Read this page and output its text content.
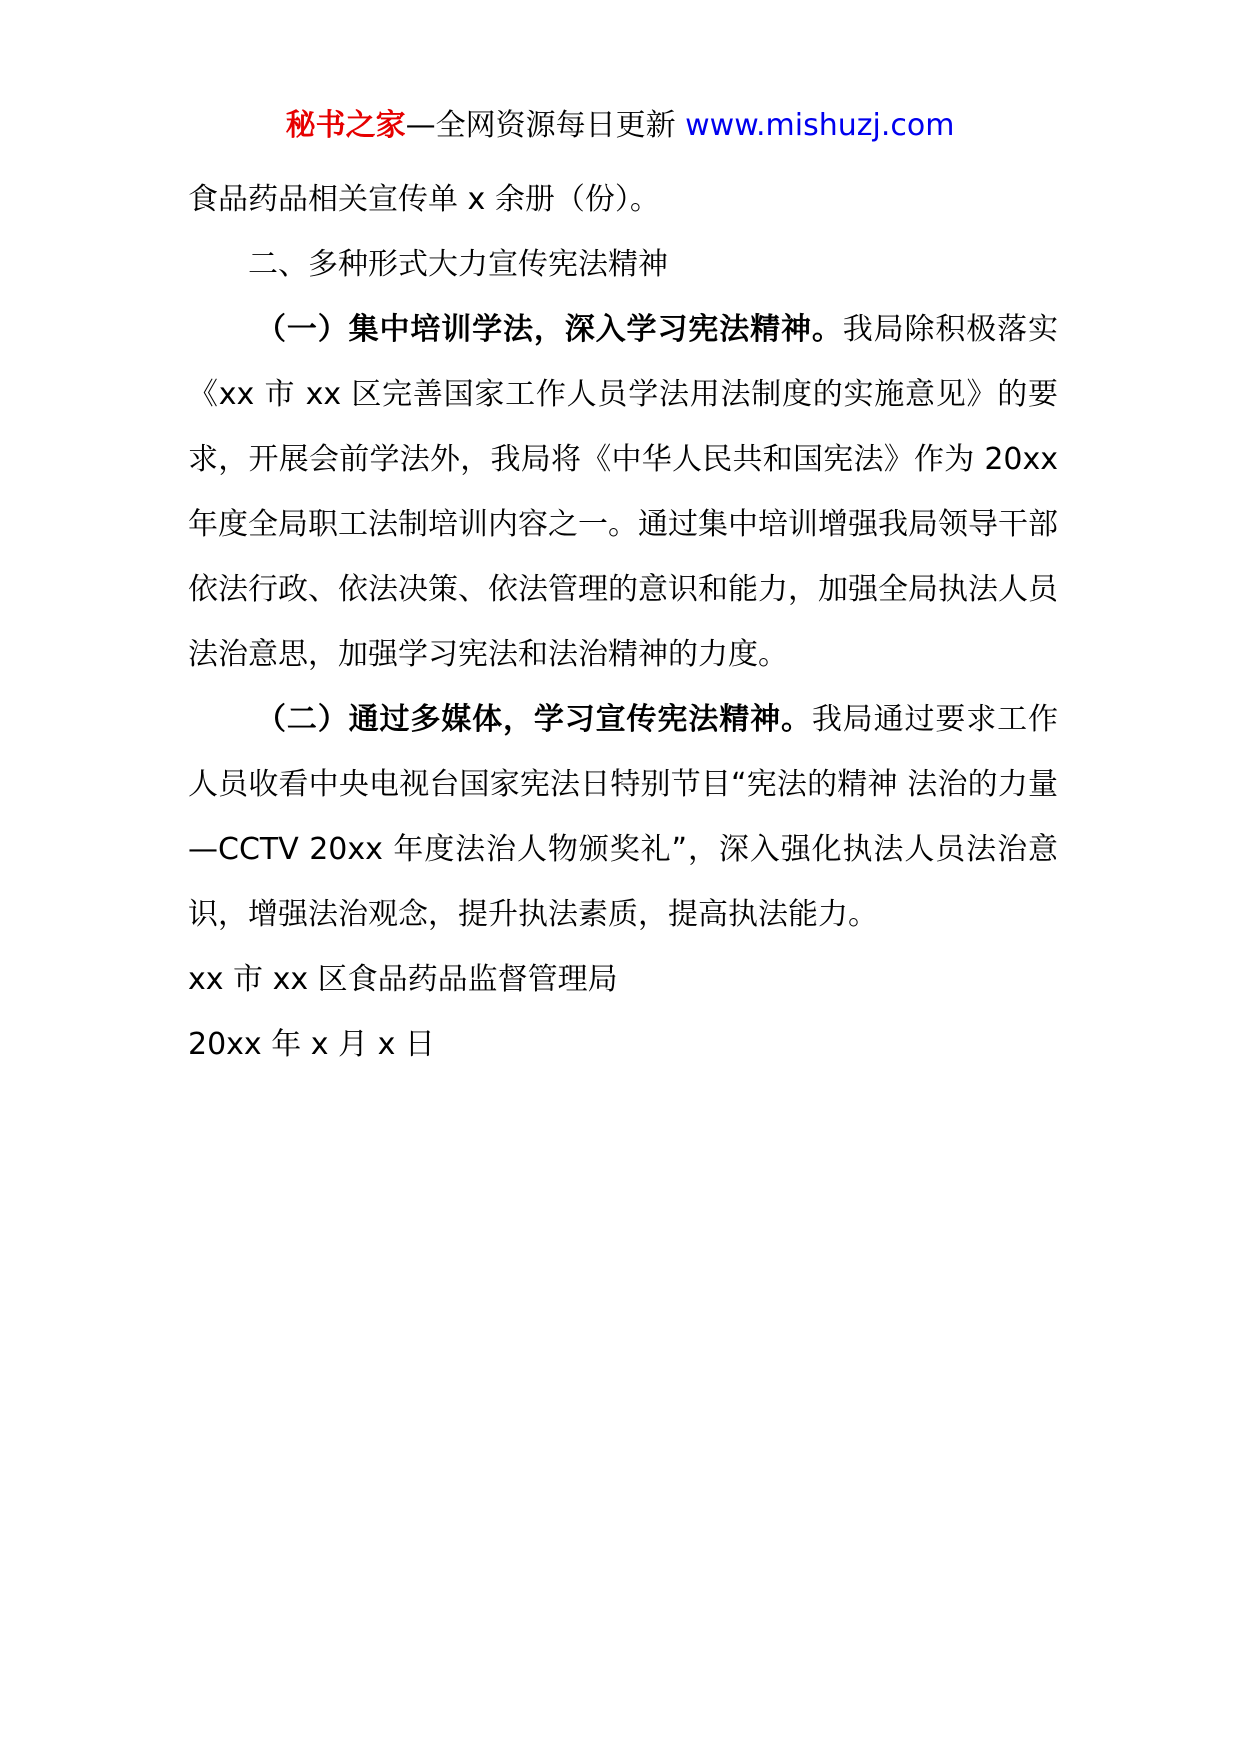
秘书之家—全网资源每日更新 www.mishuzj.com

食品药品相关宣传单 x 余册（份）。

二、多种形式大力宣传宪法精神

（一）集中培训学法，深入学习宪法精神。我局除积极落实《xx 市 xx 区完善国家工作人员学法用法制度的实施意见》的要求，开展会前学法外，我局将《中华人民共和国宪法》作为 20xx 年度全局职工法制培训内容之一。通过集中培训增强我局领导干部依法行政、依法决策、依法管理的意识和能力，加强全局执法人员法治意思，加强学习宪法和法治精神的力度。

（二）通过多媒体，学习宣传宪法精神。我局通过要求工作人员收看中央电视台国家宪法日特别节目“宪法的精神 法治的力量—CCTV 20xx 年度法治人物颁奖礼”，深入强化执法人员法治意识，增强法治观念，提升执法素质，提高执法能力。

xx 市 xx 区食品药品监督管理局

20xx 年 x 月 x 日
